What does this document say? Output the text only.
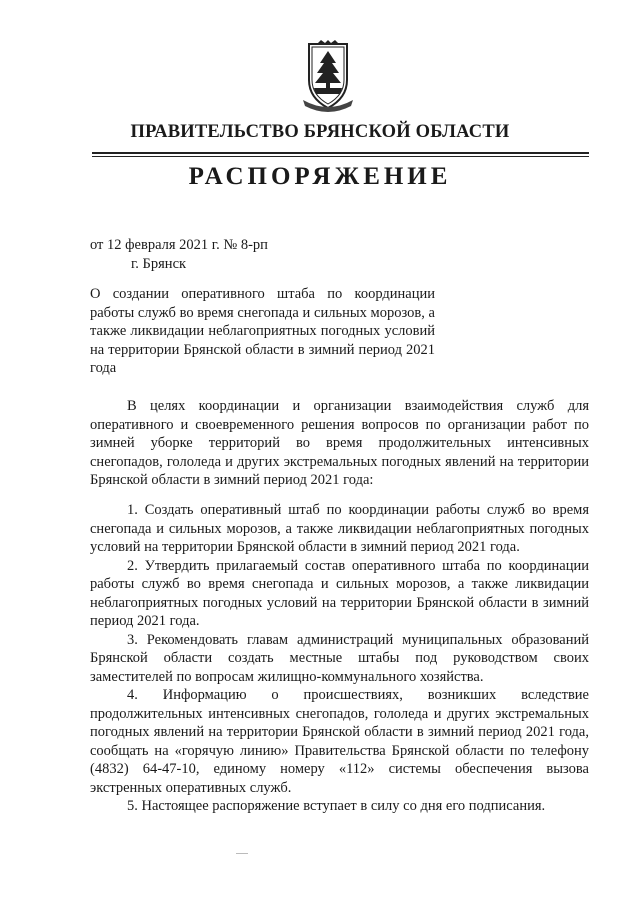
ПРАВИТЕЛЬСТВО БРЯНСКОЙ ОБЛАСТИ
РАСПОРЯЖЕНИЕ
от 12 февраля 2021 г. № 8-рп
г. Брянск
О создании оперативного штаба по координации работы служб во время снегопада и сильных морозов, а также ликвидации неблагоприятных погодных условий на территории Брянской области в зимний период 2021 года
В целях координации и организации взаимодействия служб для оперативного и своевременного решения вопросов по организации работ по зимней уборке территорий во время продолжительных интенсивных снегопадов, гололеда и других экстремальных погодных явлений на территории Брянской области в зимний период 2021 года:

1. Создать оперативный штаб по координации работы служб во время снегопада и сильных морозов, а также ликвидации неблагоприятных погодных условий на территории Брянской области в зимний период 2021 года.

2. Утвердить прилагаемый состав оперативного штаба по координации работы служб во время снегопада и сильных морозов, а также ликвидации неблагоприятных погодных условий на территории Брянской области в зимний период 2021 года.

3. Рекомендовать главам администраций муниципальных образований Брянской области создать местные штабы под руководством своих заместителей по вопросам жилищно-коммунального хозяйства.

4. Информацию о происшествиях, возникших вследствие продолжительных интенсивных снегопадов, гололеда и других экстремальных погодных явлений на территории Брянской области в зимний период 2021 года, сообщать на «горячую линию» Правительства Брянской области по телефону (4832) 64-47-10, единому номеру «112» системы обеспечения вызова экстренных оперативных служб.

5. Настоящее распоряжение вступает в силу со дня его подписания.
